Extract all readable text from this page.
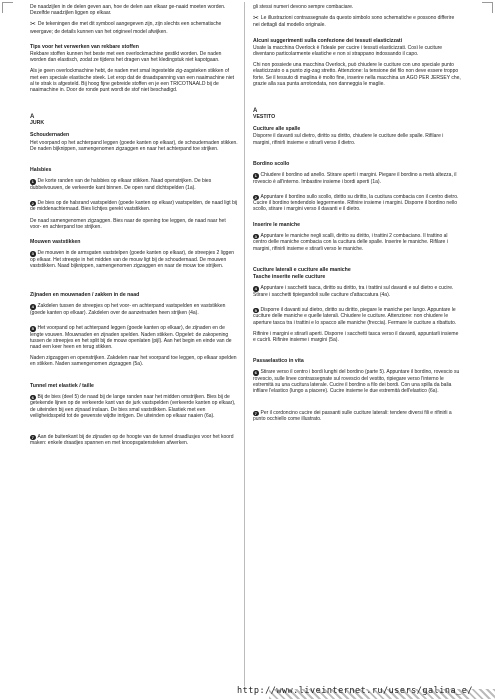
De naadzijlen in de delen geven aan, hoe de delen aan elkaar ge-naaid moeten worden. Dezelfde naadzijlen liggen op elkaar.

✂ De tekeningen die met dit symbool aangegeven zijn, zijn slechts een schematische weergave; de details kunnen van het origineel model afwijken.

Tips voor het verwerken van rekbare stoffen

Rekbare stoffen kunnen het beste met een overlockmachine gestikt worden. De naden worden dan elastisch, zodat ze tijdens het dragen van het kledingstuk niet kapotgaan.

Als je geen overlockmachine hebt, de naden met smal ingestelde zig-zagsteken stikken of met een speciale elastische steek. Let erop dat de draadspanning van een naaimachine niet al te strak is afgesteld. Bij hoog fijne gebreide stoffen en je een TRICOTNAALD bij de naaimachine in. Door de ronde punt wordt de stof niet beschadigd.

A
JURK
Schoudernaden

Het voorpand op het achterpand leggen (goede kanten op elkaar), de schoudernaden stikken. De naden bijknippen, samengenomen zigzaggen en naar het achterpand toe strijken.

Halsbies

1 De korte randen van de halsbies op elkaar stikken. Naad openstrijken. De bies dubbelvouwen, de verkeerde kant binnen. De open rand dichtspelden (1a).

2 De bies op de halsrand vastspelden (goede kanten op elkaar) vastspelden, de naad ligt bij de middenachternaad. Bies lichtjes gerekt vaststikken.

De naad samengenomen zigzaggen. Bies naar de opening toe leggen, de naad naar het voor- en achterpand toe strijken.

Mouwen vaststikken

3 De mouwen in de armsgaten vaststelpen (goede kanten op elkaar), de streepjes 2 liggen op elkaar. Het streepje in het midden van de mouw ligt bij de schoudernaad. De mouwen vaststikken. Naad bijknippen, samengenomen zigzaggen en naar de mouw toe strijken.

Zijnaden en mouwnaden / zakken in de naad

4 Zakdelen tussen de streepjes op het voor- en achterpand vastspelden en vaststikken (goede kanten op elkaar). Zakdelen over de aanzetnaden heen strijken (4a).

5 Het voorpand op het achterpand leggen (goede kanten op elkaar), de zijnaden en de lengte vouwen. Mouwnaden en zijnaden spelden. Naden stikken. Opgelet: de zakopening tussen de streepjes en het split bij de mouw openlaten (pijl). Aan het begin en einde van de naad een keer heen en terug stikken.

Naden zigzaggen en openstrijken. Zakdelen naar het voorpand toe leggen, op elkaar spelden en stikken. Naden samengenomen zigzaggen (5a).

Tunnel met elastiek / taille

6 Bij de bies (deel 5) de naad bij de lange randen naar het midden omstrijken. Bies bij de getekende lijnen op de verkeerde kant van de jurk vastspelden (verkeerde kanten op elkaar), de uiteinden bij een zijnaad inslaan. De bies smal vaststikken. Elastiek met een veiligheidsspeld tot de gewenste wijdte inrijgen. De uiteinden op elkaar naaien (6a).

7 Aan de buitenkant bij de zijnaden op de hoogte van de tunnel draadlusjes voor het koord maken: enkele draadjes spannen en met knoopsgatensteken afwerken.

gli stessi numeri devono sempre combaciare.

✂ Le illustrazioni contrassegnate da questo simbolo sono schematiche e possono differire nei dettagli dal modello originale.

Alcuni suggerimenti sulla confezione dei tessuti elasticizzati

Usate la macchina Overlock è l'ideale per cucire i tessuti elasticizzati. Così le cuciture diventano particolarmente elastiche e non si strappano indossando il capo.

Chi non possiede una macchina Overlock, può chiudere le cuciture con uno speciale punto elasticizzato o a punto zig-zag stretto. Attenzione: la tensione del filo non deve essere troppo forte. Se il tessuto di maglina è molto fine, inserire nella macchina un AGO PER JERSEY che, grazie alla sua punta arrotondata, non danneggia le maglie.

A
VESTITO
Cuciture alle spalle

Disporre il davanti sul dietro, diritto su diritto, chiudere le cuciture delle spalle. Rifilare i margini, rifinirli insieme e stirarli verso il dietro.

Bordino scollo

1 Chiudere il bordino ad anello. Stirare aperti i margini. Piegare il bordino a metà altezza, il rovescio è all'interno. Imbastire insieme i bordi aperti (1a).

2 Appuntare il bordino sullo scollo, diritto su diritto, la cucitura combacia con il centro dietro. Cucire il bordino tendendolo leggermente. Rifinire insieme i margini. Disporre il bordino nello scollo, stirare i margini verso il davanti e il dietro.

Inserire le maniche

3 Appuntare le maniche negli scalli, diritto su diritto, i trattini 2 combaciano. Il trattino al centro delle maniche combacia con la cucitura delle spalle. Inserire le maniche. Rifilare i margini, rifinirli insieme e stirarli verso le maniche.

Cuciture laterali e cuciture alle maniche
Tasche inserite nelle cuciture

4 Appuntare i sacchetti tasca, diritto su diritto, tra i trattini sul davanti e sul dietro e cucire. Stirare i sacchetti tipiegandoli sulle cuciture d'attaccatura (4a).

5 Disporre il davanti sul dietro, diritto su diritto, piegare le maniche per lungo. Appuntare le cuciture delle maniche e quelle laterali. Chiudere le cuciture. Attenzione: non chiudere le aperture tasca tra i trattini e lo spacco alle maniche (freccia). Fermare le cuciture a ribattuto.

Rifinire i margini e stirarli aperti. Disporre i sacchetti tasca verso il davanti, appuntarli insieme e cucirli. Rifinire insieme i margini (5a).

Passaelastico in vita

6 Stirare verso il centro i bordi lunghi del bordino (parte 5). Appuntare il bordino, rovescio su rovescio, sulle linee contrassegnate sul rovescio del vestito, ripiegare verso l'interno le estremità su una cucitura laterale. Cucire il bordino a filo dei bordi. Con una spilla da balia infilare l'elastico (lungo a piacere). Cucire insieme le due estremità dell'elastico (6a).

7 Per il cordoncino cucire dei passanti sulle cuciture laterali: tendere diversi fili e rifinirli a punto occhiello come illustrato.

http://www.liveinternet.ru/users/galina_e/
